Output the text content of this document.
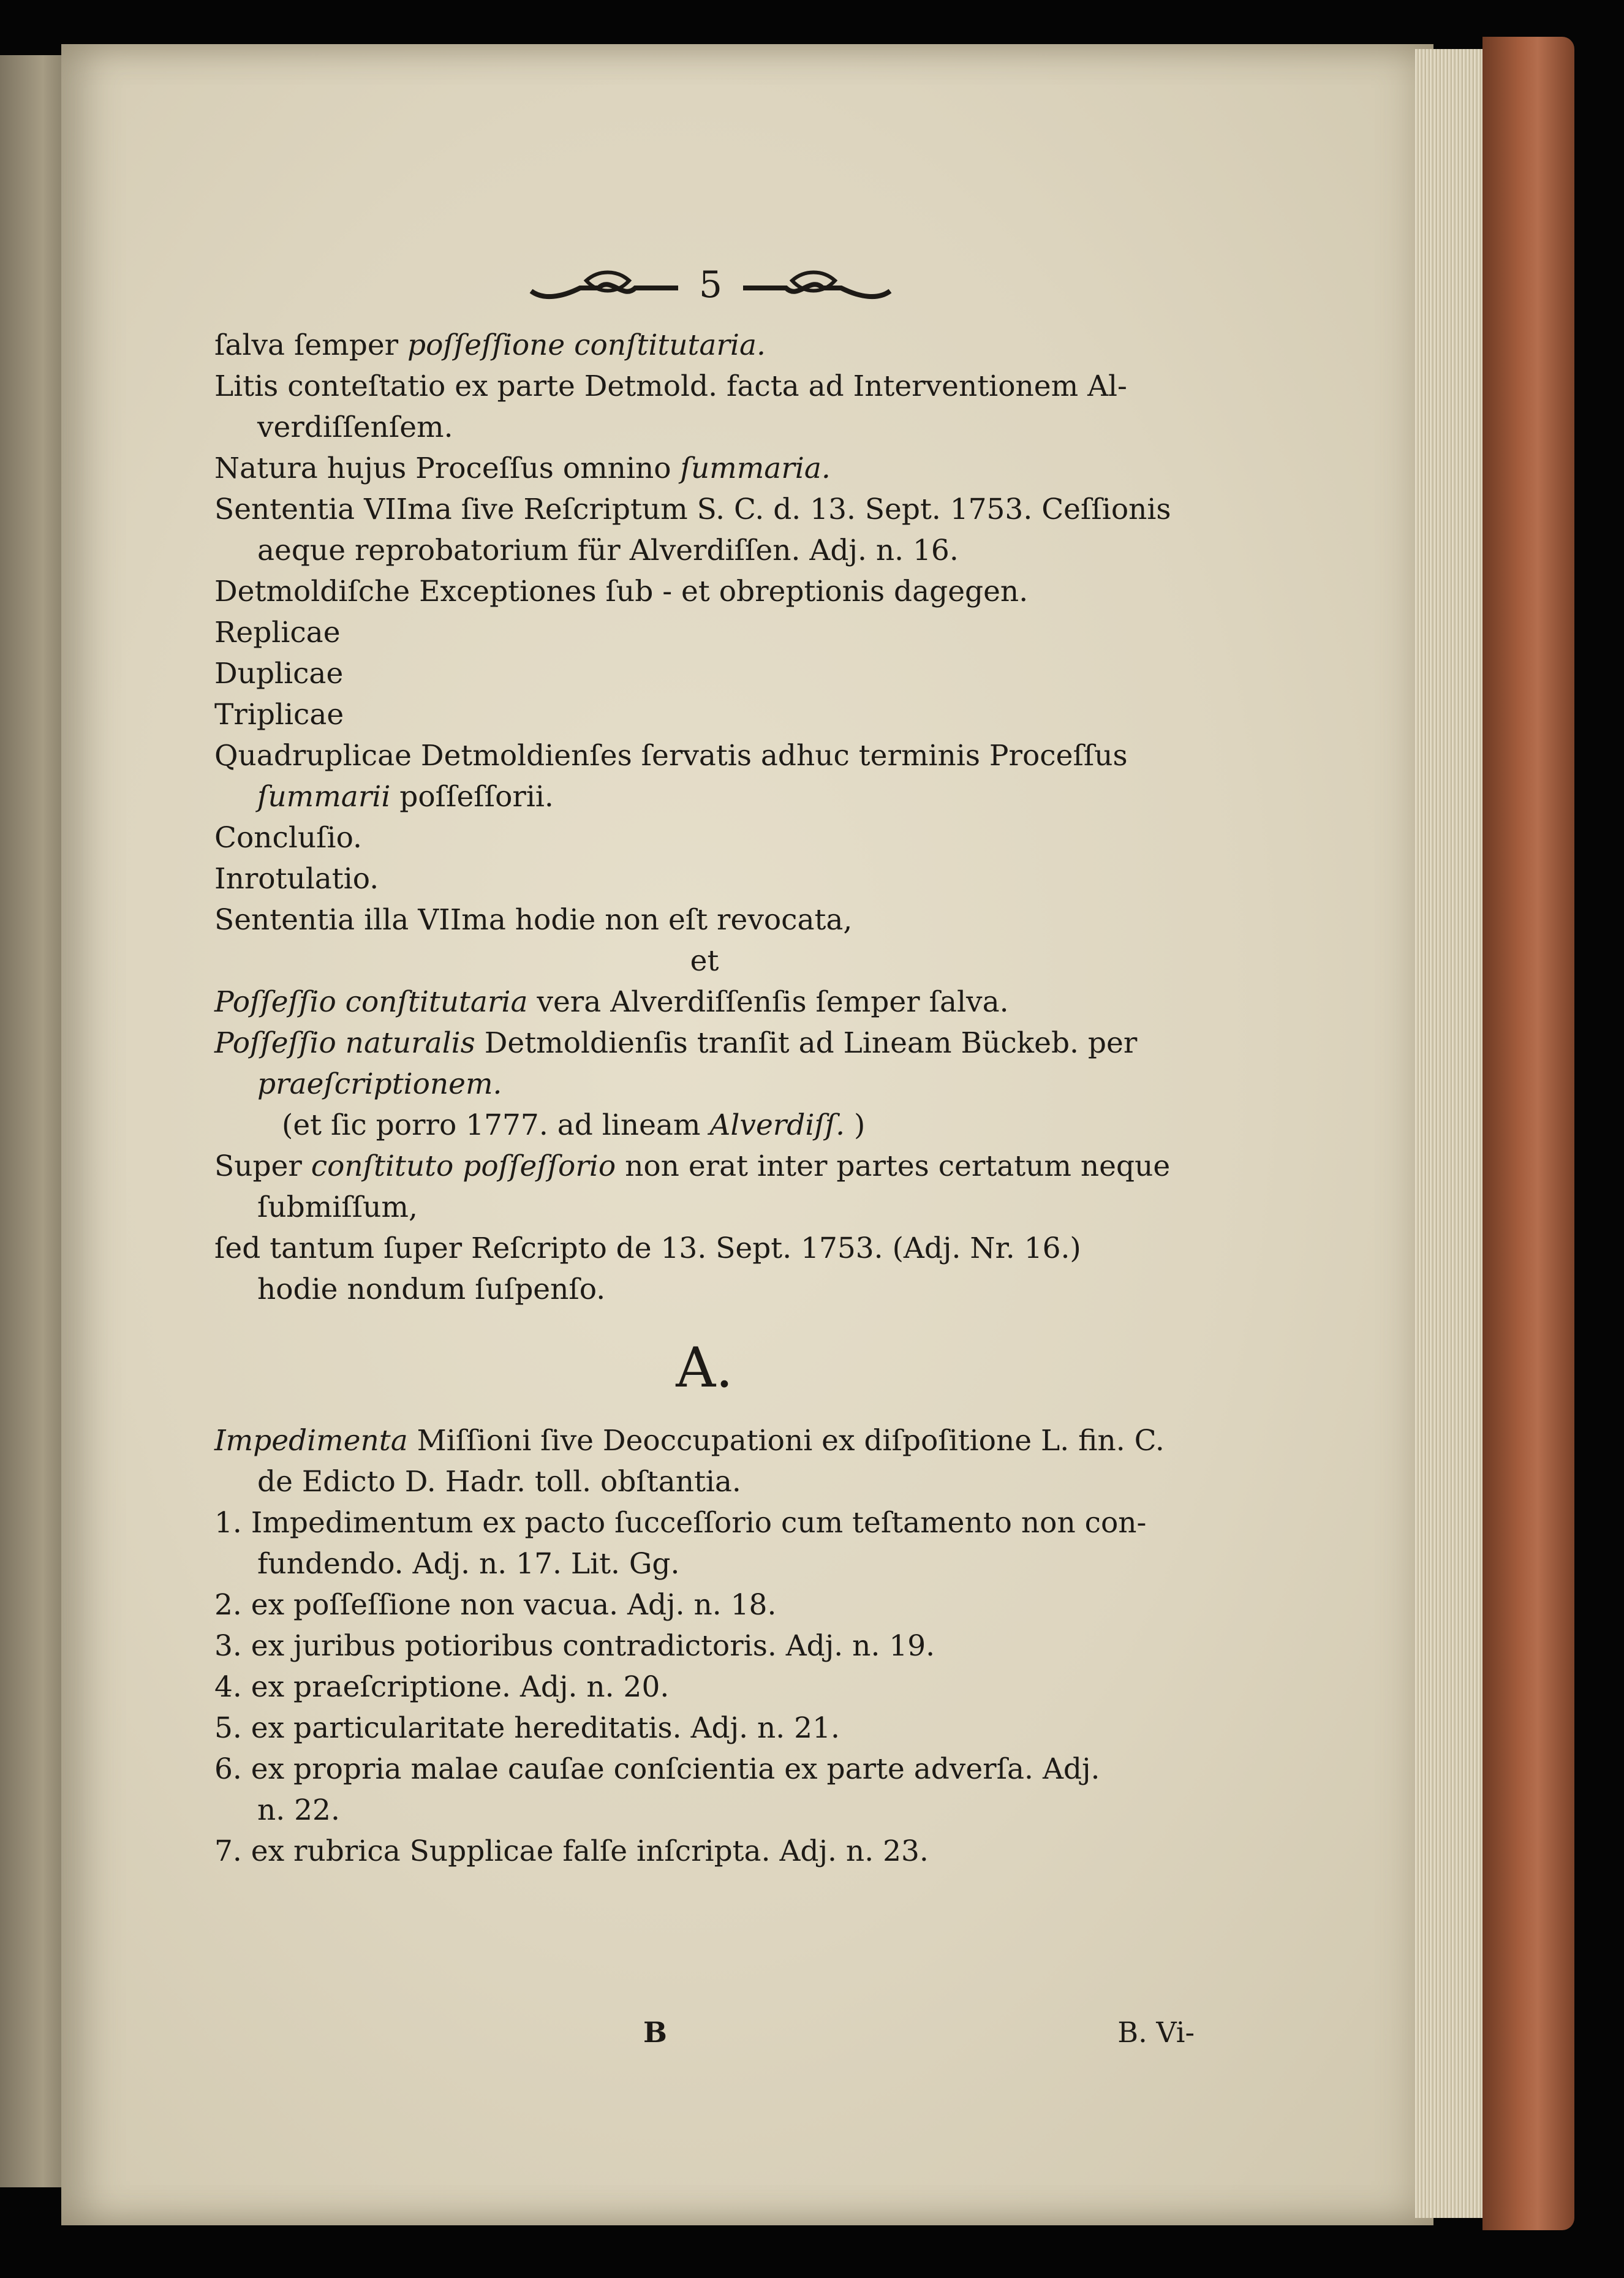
5
ſalva ſemper poſſeſſione conſtitutaria.
Litis conteſtatio ex parte Detmold. facta ad Interventionem Al-
verdiſſenſem.
Natura hujus Proceſſus omnino ſummaria.
Sententia VIIma ſive Reſcriptum S. C. d. 13. Sept. 1753. Ceſſionis
aeque reprobatorium für Alverdiſſen. Adj. n. 16.
Detmoldiſche Exceptiones ſub - et obreptionis dagegen.
Replicae
Duplicae
Triplicae
Quadruplicae Detmoldienſes ſervatis adhuc terminis Proceſſus
ſummarii poſſeſſorii.
Concluſio.
Inrotulatio.
Sententia illa VIIma hodie non eſt revocata,
et
Poſſeſſio conſtitutaria vera Alverdiſſenſis ſemper ſalva.
Poſſeſſio naturalis Detmoldienſis tranſit ad Lineam Bückeb. per
praeſcriptionem.
(et ſic porro 1777. ad lineam Alverdiſſ. )
Super conſtituto poſſeſſorio non erat inter partes certatum neque
ſubmiſſum,
ſed tantum ſuper Reſcripto de 13. Sept. 1753. (Adj. Nr. 16.)
hodie nondum ſuſpenſo.
A.
Impedimenta Miſſioni ſive Deoccupationi ex diſpoſitione L. fin. C.
de Edicto D. Hadr. toll. obſtantia.
1. Impedimentum ex pacto ſucceſſorio cum teſtamento non con-
fundendo. Adj. n. 17. Lit. Gg.
2. ex poſſeſſione non vacua. Adj. n. 18.
3. ex juribus potioribus contradictoris. Adj. n. 19.
4. ex praeſcriptione. Adj. n. 20.
5. ex particularitate hereditatis. Adj. n. 21.
6. ex propria malae cauſae conſcientia ex parte adverſa. Adj.
n. 22.
7. ex rubrica Supplicae falſe inſcripta. Adj. n. 23.
B	B. Vi-
